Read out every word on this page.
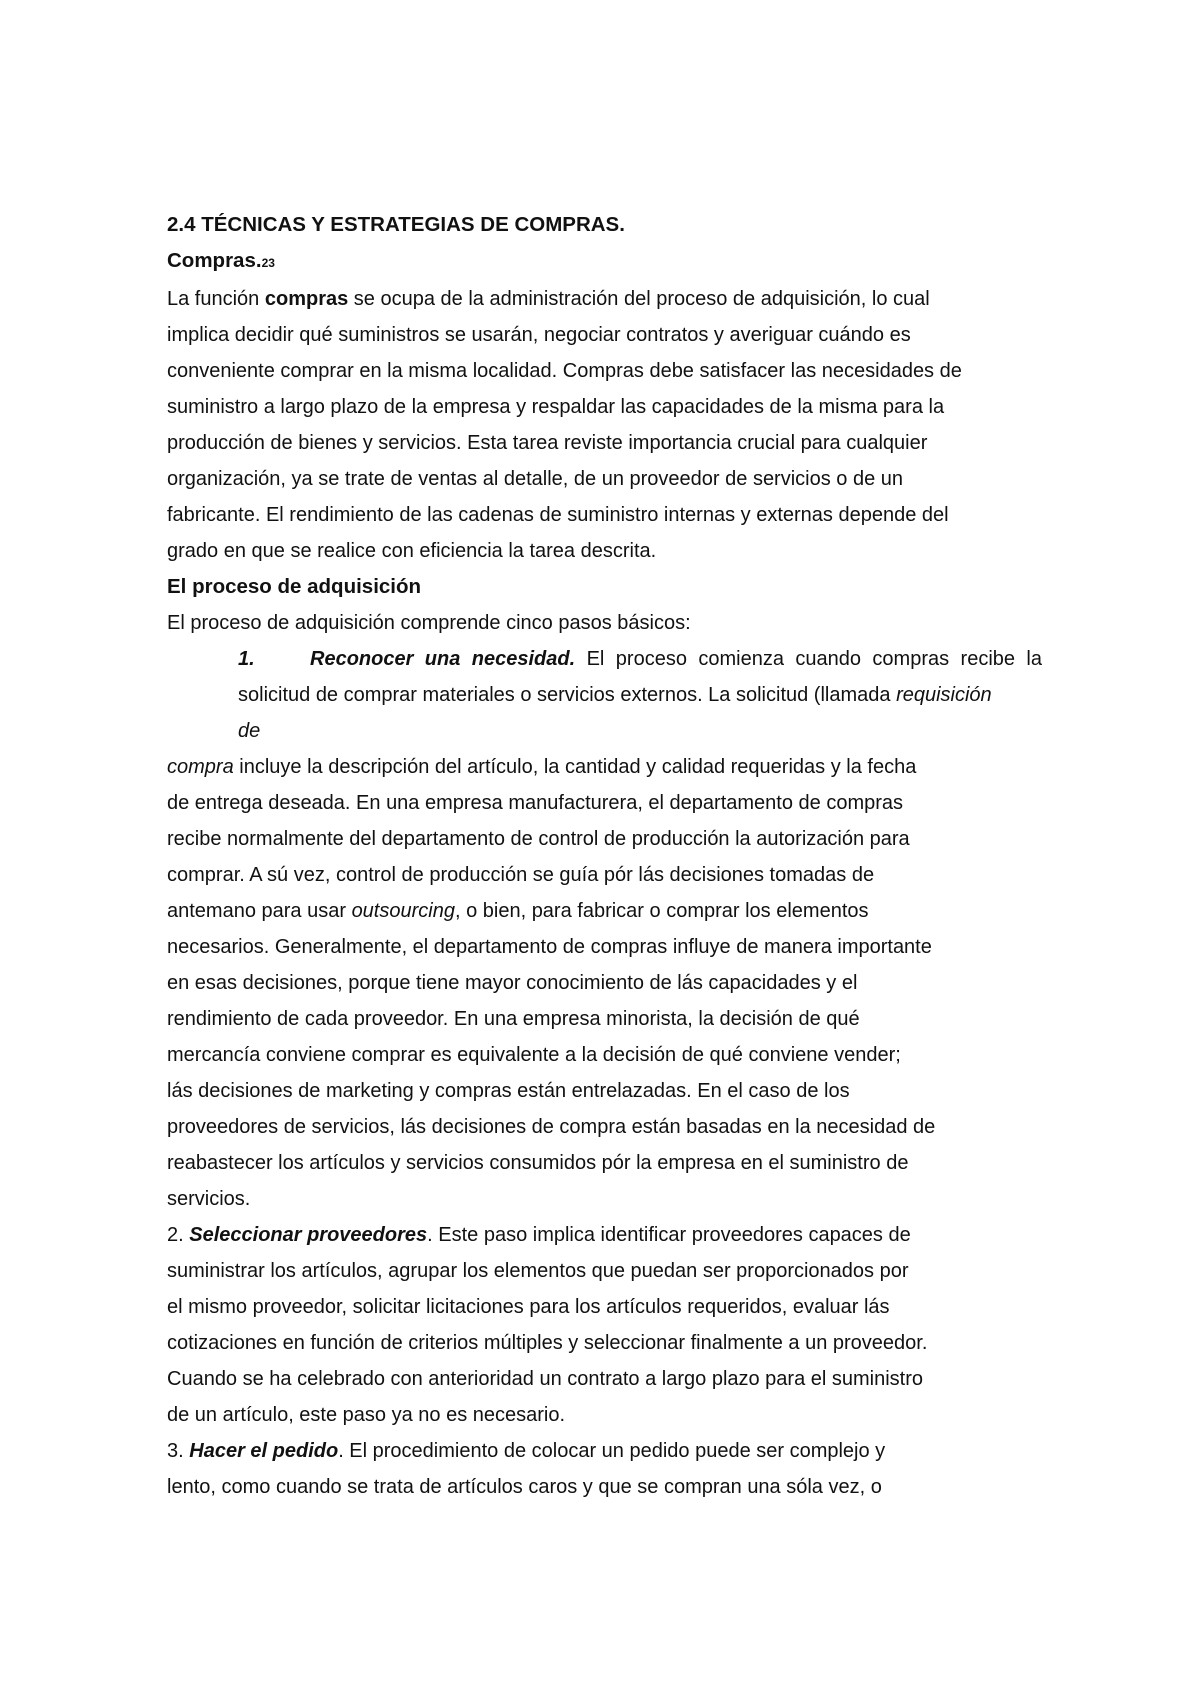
2.4 TÉCNICAS Y ESTRATEGIAS DE COMPRAS.
Compras.23
La función compras se ocupa de la administración del proceso de adquisición, lo cual
implica decidir qué suministros se usarán, negociar contratos y averiguar cuándo es
conveniente comprar en la misma localidad. Compras debe satisfacer las necesidades de
suministro a largo plazo de la empresa y respaldar las capacidades de la misma para la
producción de bienes y servicios. Esta tarea reviste importancia crucial para cualquier
organización, ya se trate de ventas al detalle, de un proveedor de servicios o de un
fabricante. El rendimiento de las cadenas de suministro internas y externas depende del
grado en que se realice con eficiencia la tarea descrita.
El proceso de adquisición
El proceso de adquisición comprende cinco pasos básicos:
1.	Reconocer una necesidad. El proceso comienza cuando compras recibe la
solicitud de comprar materiales o servicios externos. La solicitud (llamada requisición
de
compra incluye la descripción del artículo, la cantidad y calidad requeridas y la fecha
de entrega deseada. En una empresa manufacturera, el departamento de compras
recibe normalmente del departamento de control de producción la autorización para
comprar. A sú vez, control de producción se guía pór lás decisiones tomadas de
antemano para usar outsourcing, o bien, para fabricar o comprar los elementos
necesarios. Generalmente, el departamento de compras influye de manera importante
en esas decisiones, porque tiene mayor conocimiento de lás capacidades y el
rendimiento de cada proveedor. En una empresa minorista, la decisión de qué
mercancía conviene comprar es equivalente a la decisión de qué conviene vender;
lás decisiones de marketing y compras están entrelazadas. En el caso de los
proveedores de servicios, lás decisiones de compra están basadas en la necesidad de
reabastecer los artículos y servicios consumidos pór la empresa en el suministro de
servicios.
2. Seleccionar proveedores. Este paso implica identificar proveedores capaces de
suministrar los artículos, agrupar los elementos que puedan ser proporcionados por
el mismo proveedor, solicitar licitaciones para los artículos requeridos, evaluar lás
cotizaciones en función de criterios múltiples y seleccionar finalmente a un proveedor.
Cuando se ha celebrado con anterioridad un contrato a largo plazo para el suministro
de un artículo, este paso ya no es necesario.
3. Hacer el pedido. El procedimiento de colocar un pedido puede ser complejo y
lento, como cuando se trata de artículos caros y que se compran una sóla vez, o
